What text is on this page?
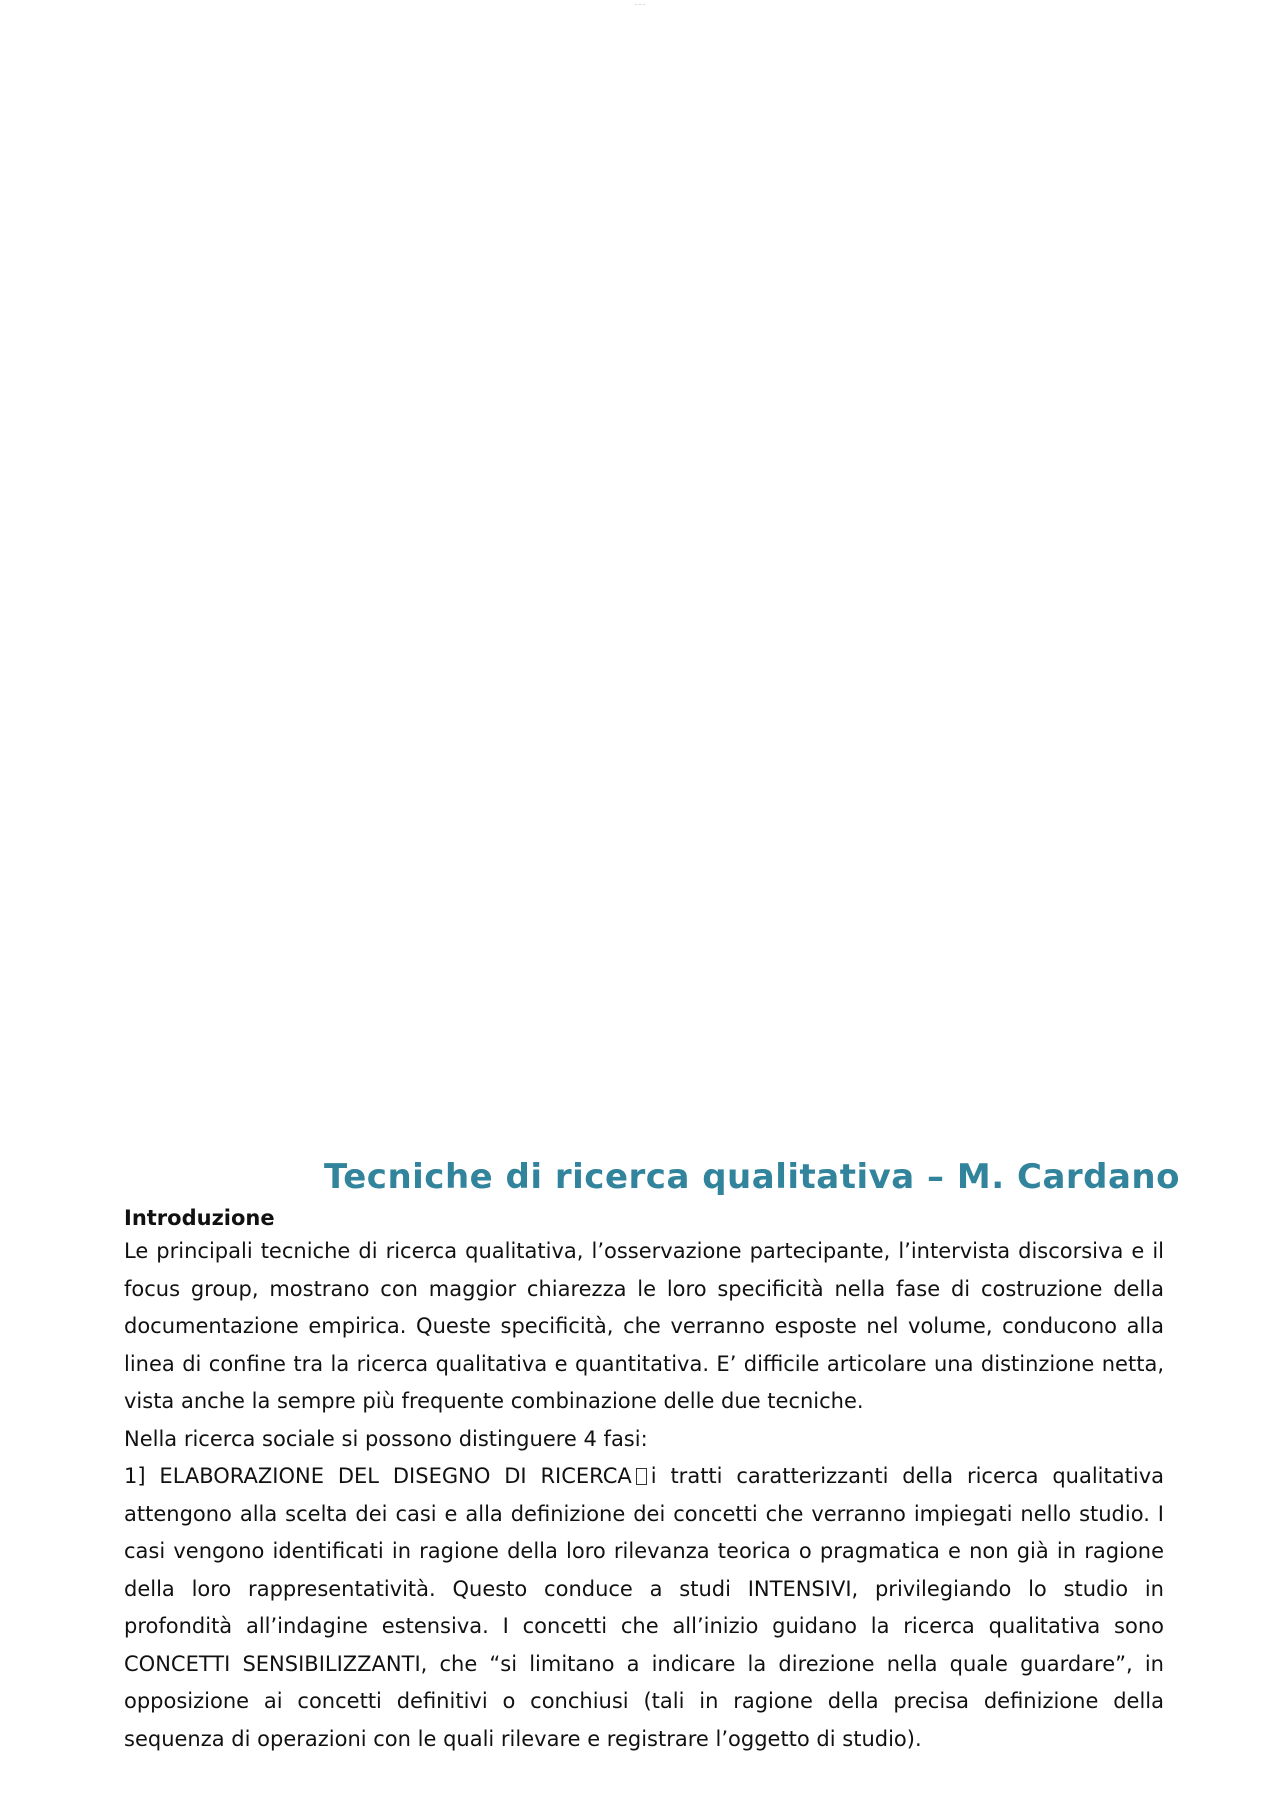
— — —
Tecniche di ricerca qualitativa – M. Cardano
Introduzione

Le principali tecniche di ricerca qualitativa, l’osservazione partecipante, l’intervista discorsiva e il focus group, mostrano con maggior chiarezza le loro specificità nella fase di costruzione della documentazione empirica. Queste specificità, che verranno esposte nel volume, conducono alla linea di confine tra la ricerca qualitativa e quantitativa. E’ difficile articolare una distinzione netta, vista anche la sempre più frequente combinazione delle due tecniche.

Nella ricerca sociale si possono distinguere 4 fasi:

1] ELABORAZIONE DEL DISEGNO DI RICERCA i tratti caratterizzanti della ricerca qualitativa attengono alla scelta dei casi e alla definizione dei concetti che verranno impiegati nello studio. I casi vengono identificati in ragione della loro rilevanza teorica o pragmatica e non già in ragione della loro rappresentatività. Questo conduce a studi INTENSIVI, privilegiando lo studio in profondità all’indagine estensiva. I concetti che all’inizio guidano la ricerca qualitativa sono CONCETTI SENSIBILIZZANTI, che “si limitano a indicare la direzione nella quale guardare”, in opposizione ai concetti definitivi o conchiusi (tali in ragione della precisa definizione della sequenza di operazioni con le quali rilevare e registrare l’oggetto di studio).
